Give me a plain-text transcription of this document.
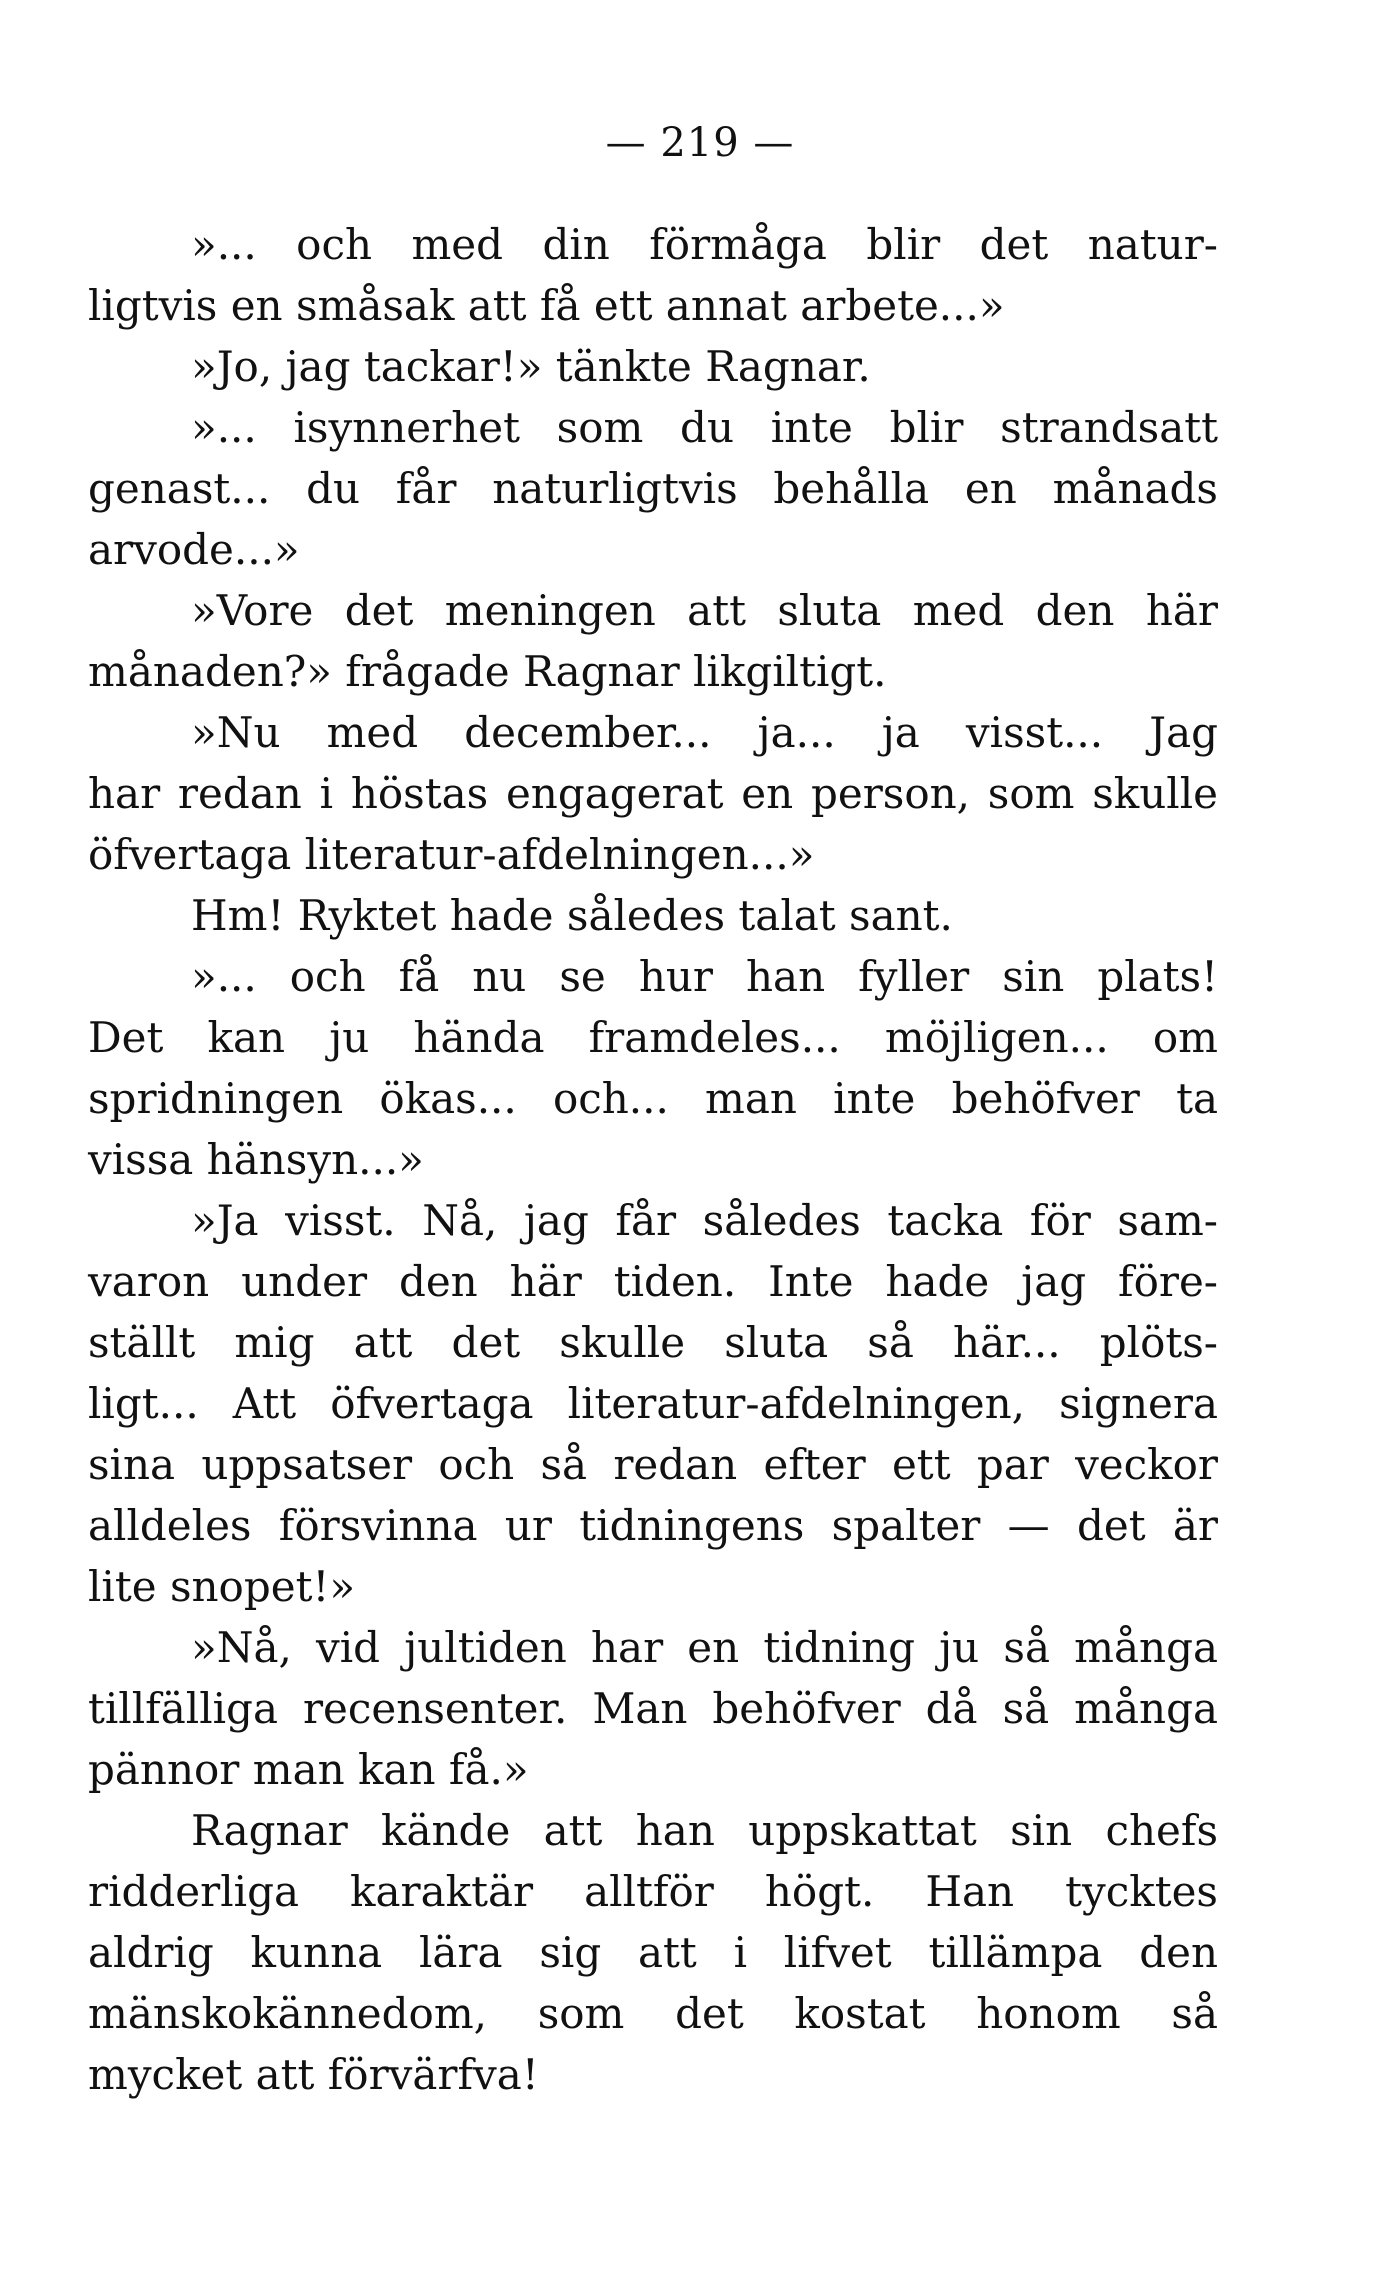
— 219 —
»... och med din förmåga blir det natur-
ligtvis en småsak att få ett annat arbete...»
»Jo, jag tackar!» tänkte Ragnar.
»... isynnerhet som du inte blir strandsatt
genast... du får naturligtvis behålla en månads
arvode...»
»Vore det meningen att sluta med den här
månaden?» frågade Ragnar likgiltigt.
»Nu med december... ja... ja visst... Jag
har redan i höstas engagerat en person, som skulle
öfvertaga literatur-afdelningen...»
Hm! Ryktet hade således talat sant.
»... och få nu se hur han fyller sin plats!
Det kan ju hända framdeles... möjligen... om
spridningen ökas... och... man inte behöfver ta
vissa hänsyn...»
»Ja visst. Nå, jag får således tacka för sam-
varon under den här tiden. Inte hade jag före-
ställt mig att det skulle sluta så här... plöts-
ligt... Att öfvertaga literatur-afdelningen, signera
sina uppsatser och så redan efter ett par veckor
alldeles försvinna ur tidningens spalter — det är
lite snopet!»
»Nå, vid jultiden har en tidning ju så många
tillfälliga recensenter. Man behöfver då så många
pännor man kan få.»
Ragnar kände att han uppskattat sin chefs
ridderliga karaktär alltför högt. Han tycktes
aldrig kunna lära sig att i lifvet tillämpa den
mänskokännedom, som det kostat honom så
mycket att förvärfva!
